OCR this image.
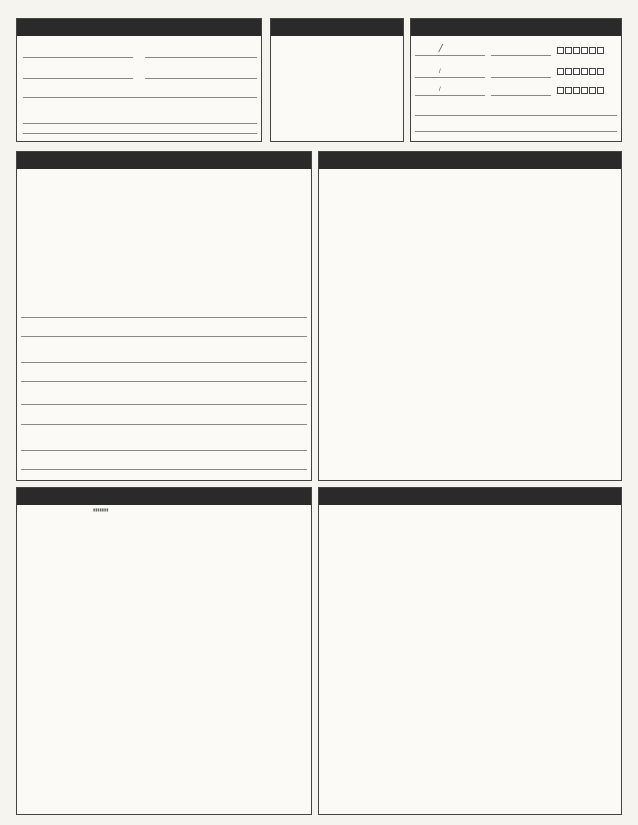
/
/
/
▮▮▮▮▮▮▮
